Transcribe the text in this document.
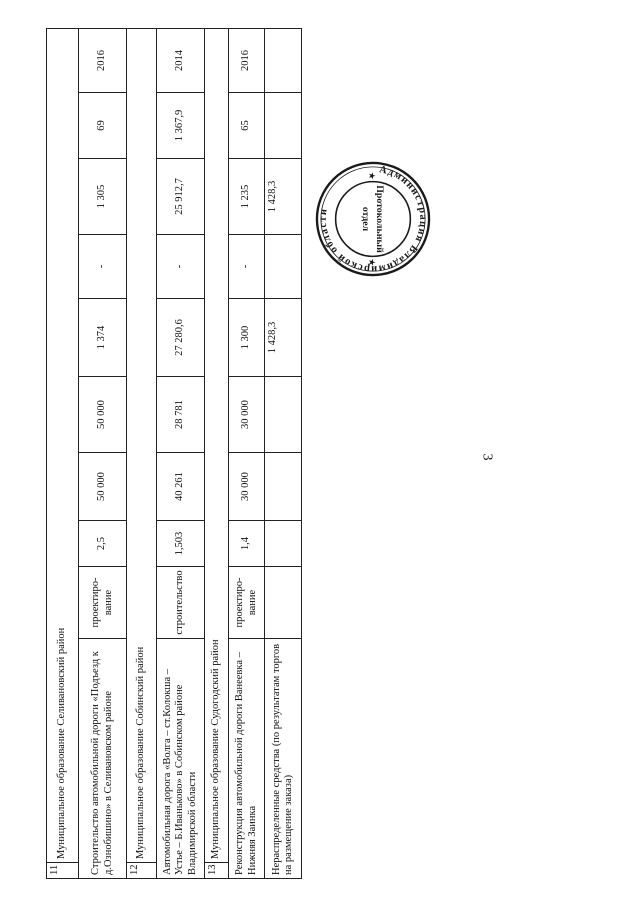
3
11	Муниципальное образование Селивановский район									
Строительство автомобильной дороги «Подъезд к д.Ознобишино» в Селивановском районе		проектиро-вание	2,5	50 000	50 000	1 374	-	1 305	69	2016
12	Муниципальное образование Собинский район									
Автомобильная дорога «Волга – ст.Колокша – Устье – Б.Иваньково» в Собинском районе Владимирской области		строительство	1,503	40 261	28 781	27 280,6	-	25 912,7	1 367,9	2014
13	Муниципальное образование Судогодский район									
Реконструкция автомобильной дороги Ванеевка – Нижняя Заинка		проектиро-вание	1,4	30 000	30 000	1 300	-	1 235	65	2016
Нераспределенные средства (по результатам торгов на размещение заказа)						1 428,3		1 428,3		
Администрация Владимирской области	Протокольный
отдел
★
★
